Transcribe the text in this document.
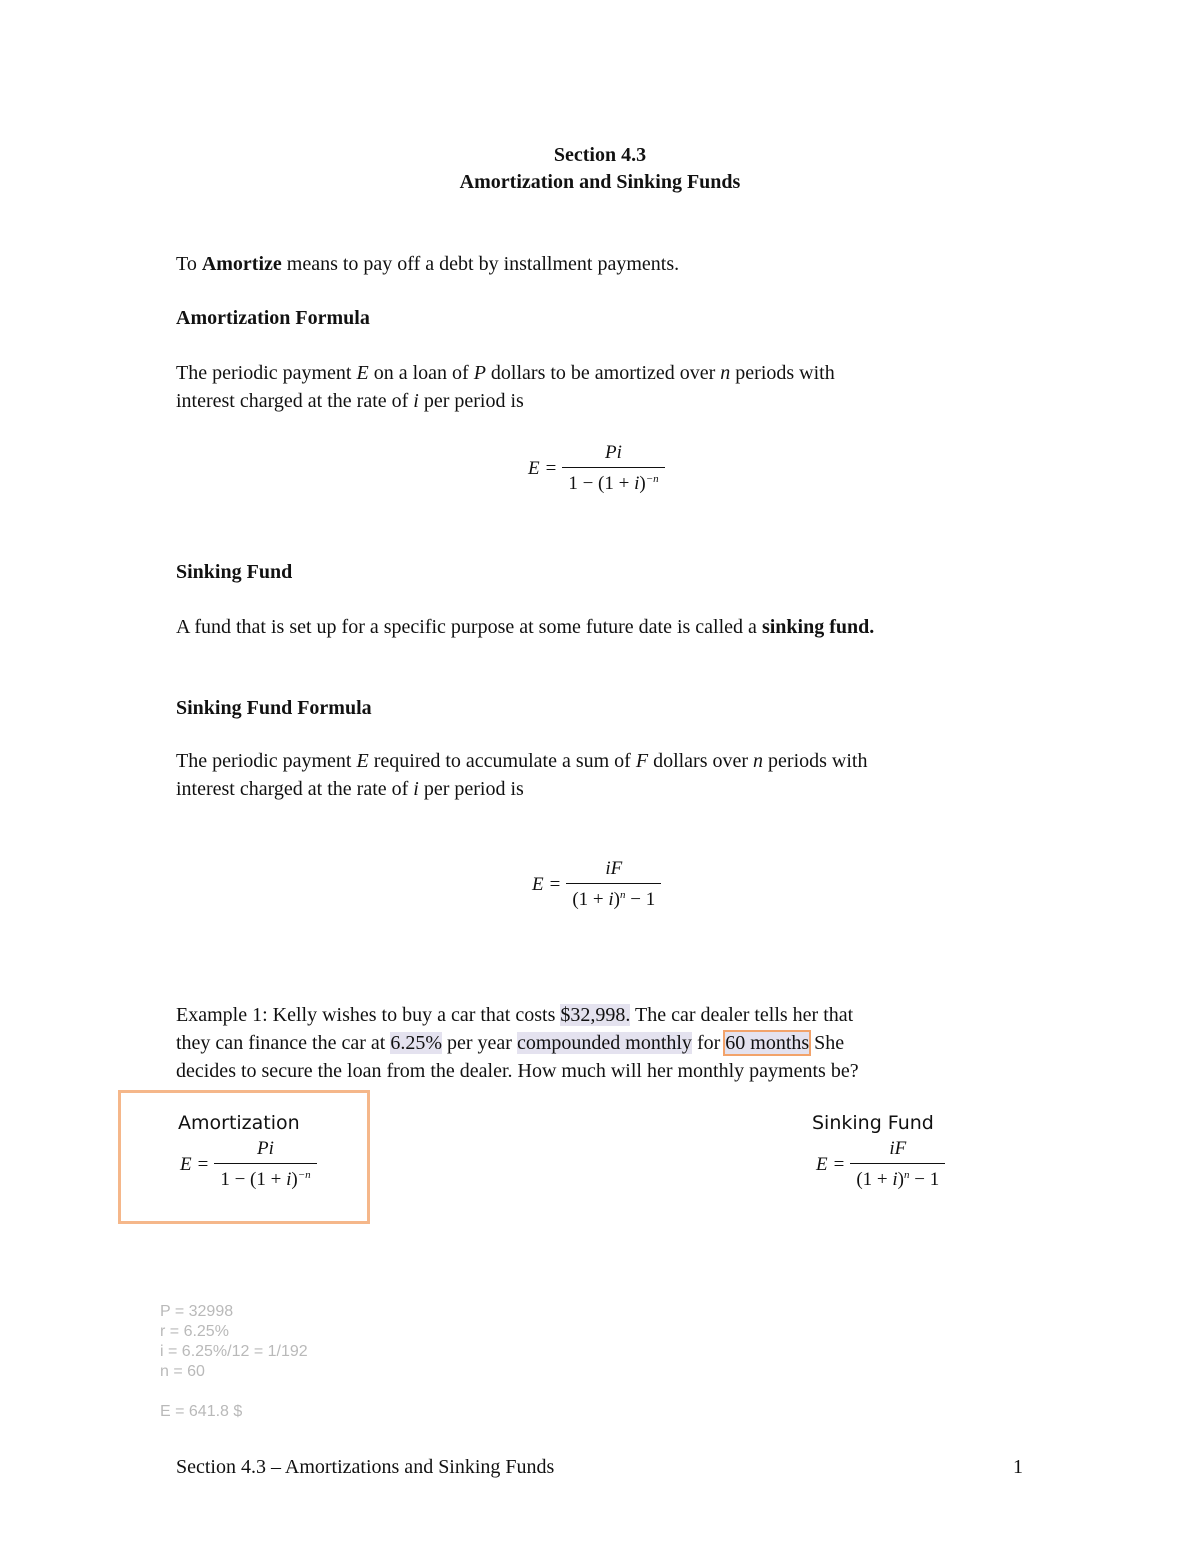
Section 4.3
Amortization and Sinking Funds
To Amortize means to pay off a debt by installment payments.
Amortization Formula
The periodic payment E on a loan of P dollars to be amortized over n periods with
interest charged at the rate of i per period is
$E = \frac{Pi}{1 - (1 + i)^{-n}}$
Sinking Fund
A fund that is set up for a specific purpose at some future date is called a sinking fund.
Sinking Fund Formula
The periodic payment E required to accumulate a sum of F dollars over n periods with
interest charged at the rate of i per period is
$E = \frac{iF}{(1 + i)^n - 1}$
Example 1: Kelly wishes to buy a car that costs $32,998. The car dealer tells her that
they can finance the car at 6.25% per year compounded monthly for 60 months She
decides to secure the loan from the dealer. How much will her monthly payments be?
Amortization
$E = \frac{Pi}{1 - (1 + i)^{-n}}$
Sinking Fund
$E = \frac{iF}{(1 + i)^n - 1}$
P = 32998
r = 6.25%
i = 6.25%/12 = 1/192
n = 60
E = 641.8 $
Section 4.3 – Amortizations and Sinking Funds	1
